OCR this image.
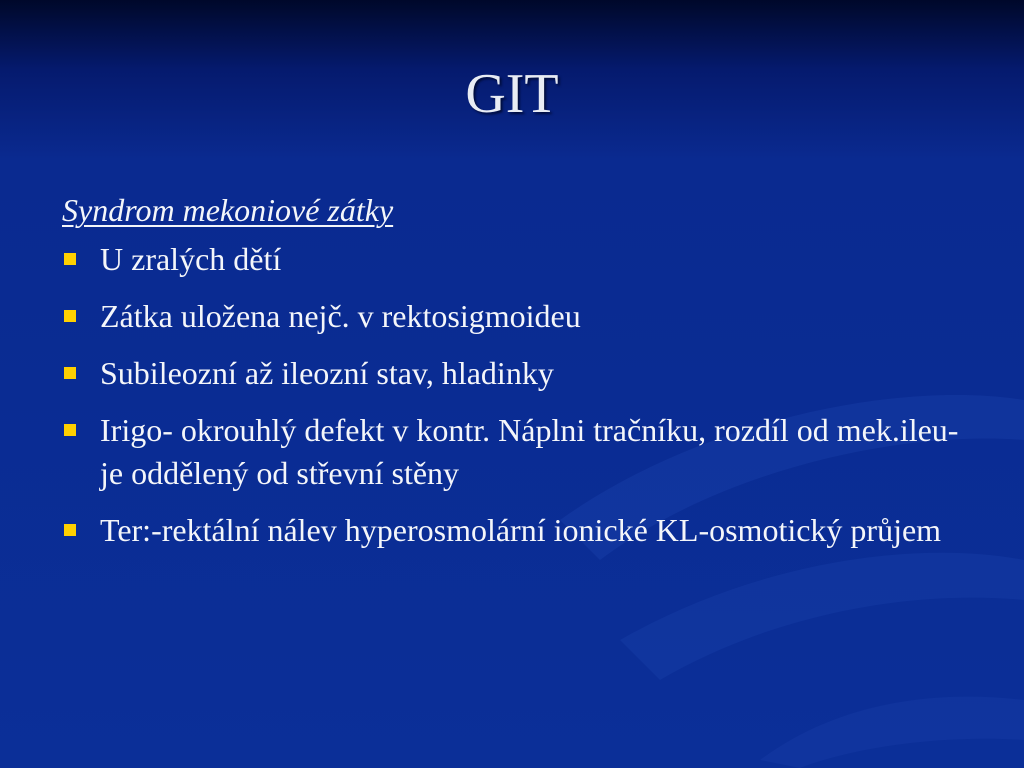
GIT
Syndrom mekoniové zátky
U zralých dětí
Zátka uložena nejč. v rektosigmoideu
Subileozní až ileozní stav, hladinky
Irigo- okrouhlý defekt v kontr. Náplni tračníku, rozdíl od mek.ileu- je oddělený od střevní stěny
Ter:-rektální nálev hyperosmolární ionické KL-osmotický průjem
